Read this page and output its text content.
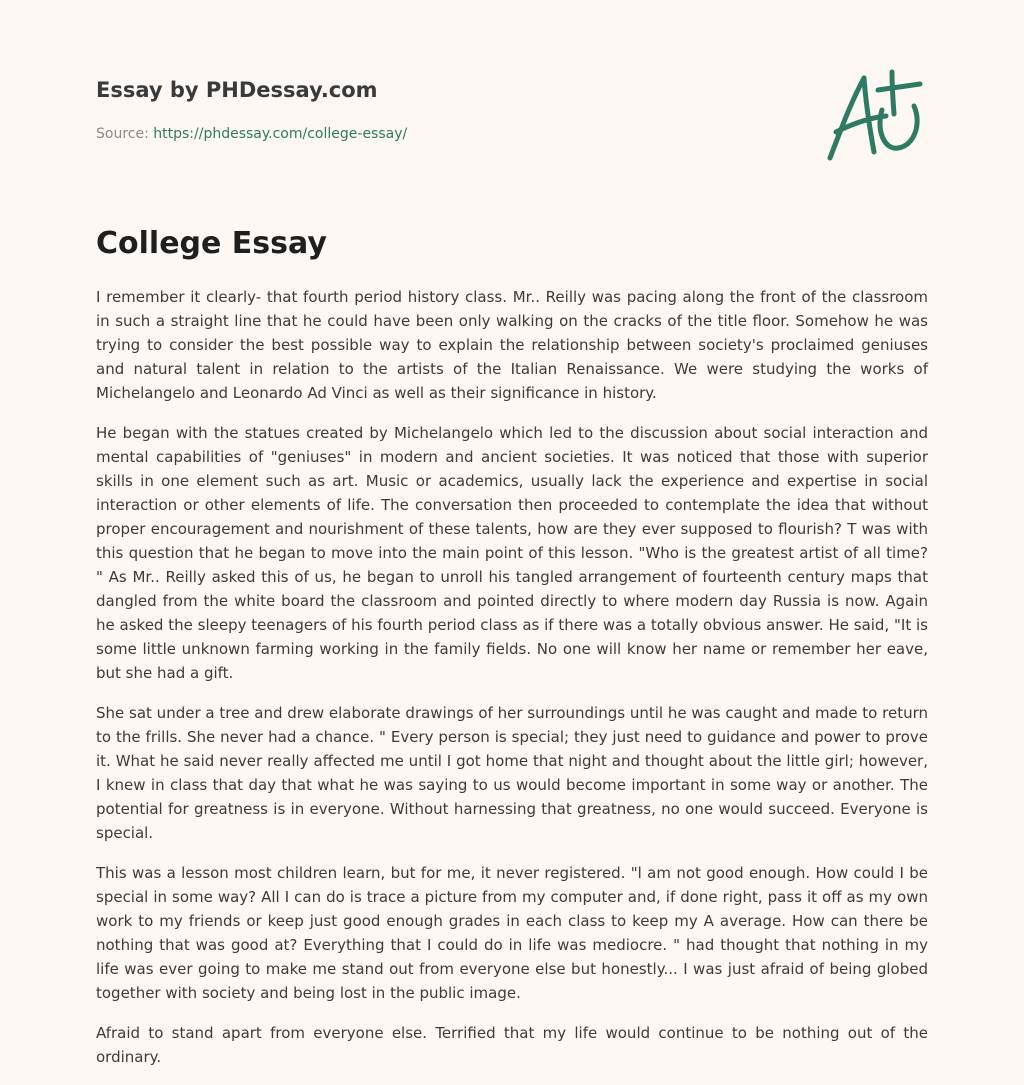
Essay by PHDessay.com
Source: https://phdessay.com/college-essay/
College Essay

I remember it clearly- that fourth period history class. Mr.. Reilly was pacing along the front of the classroom in such a straight line that he could have been only walking on the cracks of the title floor. Somehow he was trying to consider the best possible way to explain the relationship between society's proclaimed geniuses and natural talent in relation to the artists of the Italian Renaissance. We were studying the works of Michelangelo and Leonardo Ad Vinci as well as their significance in history.

He began with the statues created by Michelangelo which led to the discussion about social interaction and mental capabilities of "geniuses" in modern and ancient societies. It was noticed that those with superior skills in one element such as art. Music or academics, usually lack the experience and expertise in social interaction or other elements of life. The conversation then proceeded to contemplate the idea that without proper encouragement and nourishment of these talents, how are they ever supposed to flourish? T was with this question that he began to move into the main point of this lesson. "Who is the greatest artist of all time? " As Mr.. Reilly asked this of us, he began to unroll his tangled arrangement of fourteenth century maps that dangled from the white board the classroom and pointed directly to where modern day Russia is now. Again he asked the sleepy teenagers of his fourth period class as if there was a totally obvious answer. He said, "It is some little unknown farming working in the family fields. No one will know her name or remember her eave, but she had a gift.

She sat under a tree and drew elaborate drawings of her surroundings until he was caught and made to return to the frills. She never had a chance. " Every person is special; they just need to guidance and power to prove it. What he said never really affected me until I got home that night and thought about the little girl; however, I knew in class that day that what he was saying to us would become important in some way or another. The potential for greatness is in everyone. Without harnessing that greatness, no one would succeed. Everyone is special.

This was a lesson most children learn, but for me, it never registered. "l am not good enough. How could I be special in some way? All I can do is trace a picture from my computer and, if done right, pass it off as my own work to my friends or keep just good enough grades in each class to keep my A average. How can there be nothing that was good at? Everything that I could do in life was mediocre. " had thought that nothing in my life was ever going to make me stand out from everyone else but honestly... I was just afraid of being globed together with society and being lost in the public image.

Afraid to stand apart from everyone else. Terrified that my life would continue to be nothing out of the ordinary.
